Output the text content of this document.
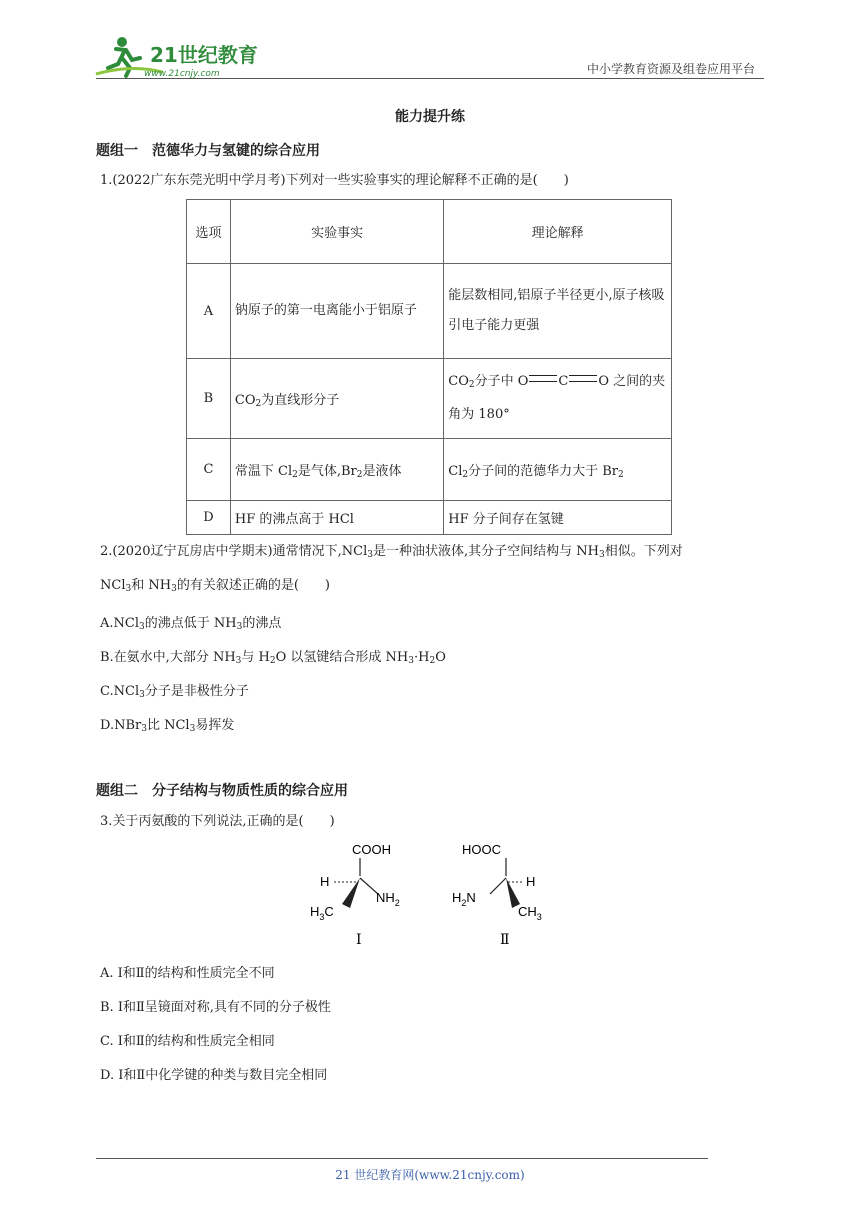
21世纪教育
www.21cnjy.com	中小学教育资源及组卷应用平台
能力提升练
题组一　范德华力与氢键的综合应用
1.(2022广东东莞光明中学月考)下列对一些实验事实的理论解释不正确的是(　　)
选项	实验事实	理论解释
A	钠原子的第一电离能小于铝原子	能层数相同,铝原子半径更小,原子核吸引电子能力更强
B	$CO_2$为直线形分子	$CO_2$分子中 O C O 之间的夹角为 180°
C	常温下 $Cl_2$是气体$,Br_2$是液体	$Cl_2$分子间的范德华力大于 $Br_2$
D	HF 的沸点高于 HCl	HF 分子间存在氢键
2.(2020辽宁瓦房店中学期末)通常情况下,NCl$_3$是一种油状液体,其分子空间结构与 $NH_3$相似。下列对
NCl$_3$和 $NH_3$的有关叙述正确的是(　　)
A.NCl$_3$的沸点低于 $NH_3$的沸点
B.在氨水中,大部分 $NH_3$与 $H_2O$ 以氢键结合形成 $NH_3\cdot H_2O$
C.NCl$_3$分子是非极性分子
D.NBr$_3$比 NCl$_3$易挥发
题组二　分子结构与物质性质的综合应用
3.关于丙氨酸的下列说法,正确的是(　　)
COOH
H
$NH_2$
$H_3C$
Ⅰ
HOOC
H
$H_2N$
$CH_3$
Ⅱ
A. Ⅰ和Ⅱ的结构和性质完全不同
B. Ⅰ和Ⅱ呈镜面对称,具有不同的分子极性
C. Ⅰ和Ⅱ的结构和性质完全相同
D. Ⅰ和Ⅱ中化学键的种类与数目完全相同
21 世纪教育网(www.21cnjy.com)
